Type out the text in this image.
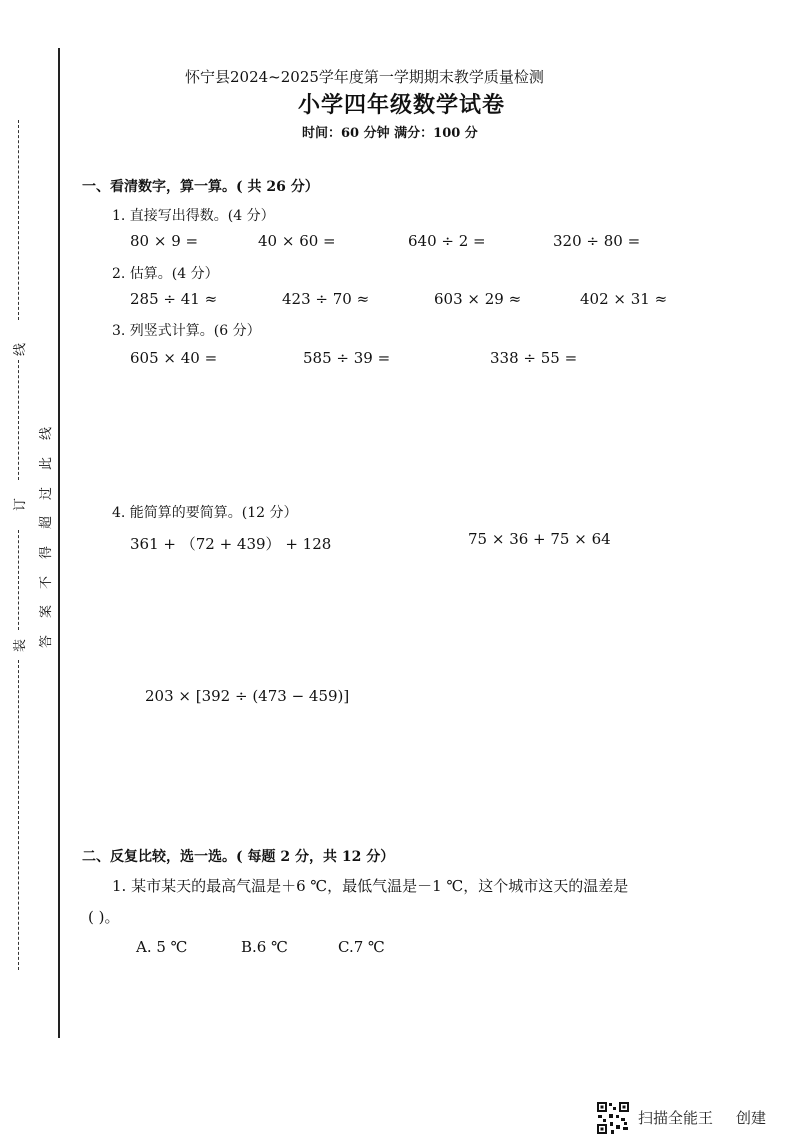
线
订
装 答
案
不
得
超
过
此
线
怀宁县2024~2025学年度第一学期期末教学质量检测
小学四年级数学试卷
时间：60 分钟 满分：100 分
一、看清数字，算一算。( 共 26 分）
1. 直接写出得数。(4 分）
80 × 9 =	40 × 60 =	640 ÷ 2 =	320 ÷ 80 =
2. 估算。(4 分）
285 ÷ 41 ≈	423 ÷ 70 ≈	603 × 29 ≈	402 × 31 ≈
3. 列竖式计算。(6 分）
605 × 40 =	585 ÷ 39 =	338 ÷ 55 =
4. 能简算的要简算。(12 分）
361 + （72 + 439） + 128	75 × 36 + 75 × 64
203 × [392 ÷ (473 − 459)]
二、反复比较，选一选。( 每题 2 分，共 12 分）
1. 某市某天的最高气温是＋6 ℃，最低气温是－1 ℃，这个城市这天的温差是
( )。
A. 5 ℃	B.6 ℃	C.7 ℃
扫描全能王 创建
